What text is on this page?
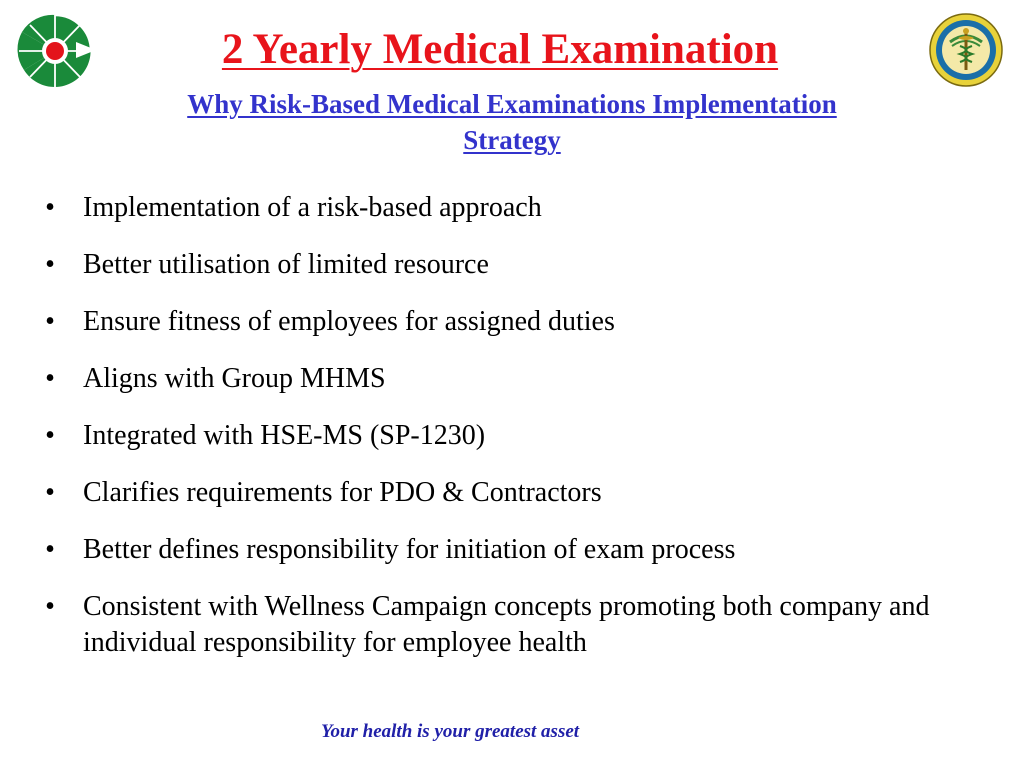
2 Yearly Medical Examination
Why Risk-Based Medical Examinations Implementation
Strategy
• Implementation of a risk-based approach
• Better utilisation of limited resource
• Ensure fitness of employees for assigned duties
• Aligns with Group MHMS
• Integrated with HSE-MS (SP-1230)
• Clarifies requirements for PDO & Contractors
• Better defines responsibility for initiation of exam process
• Consistent with Wellness Campaign concepts promoting both company and individual responsibility for employee health

Your health is your greatest asset
